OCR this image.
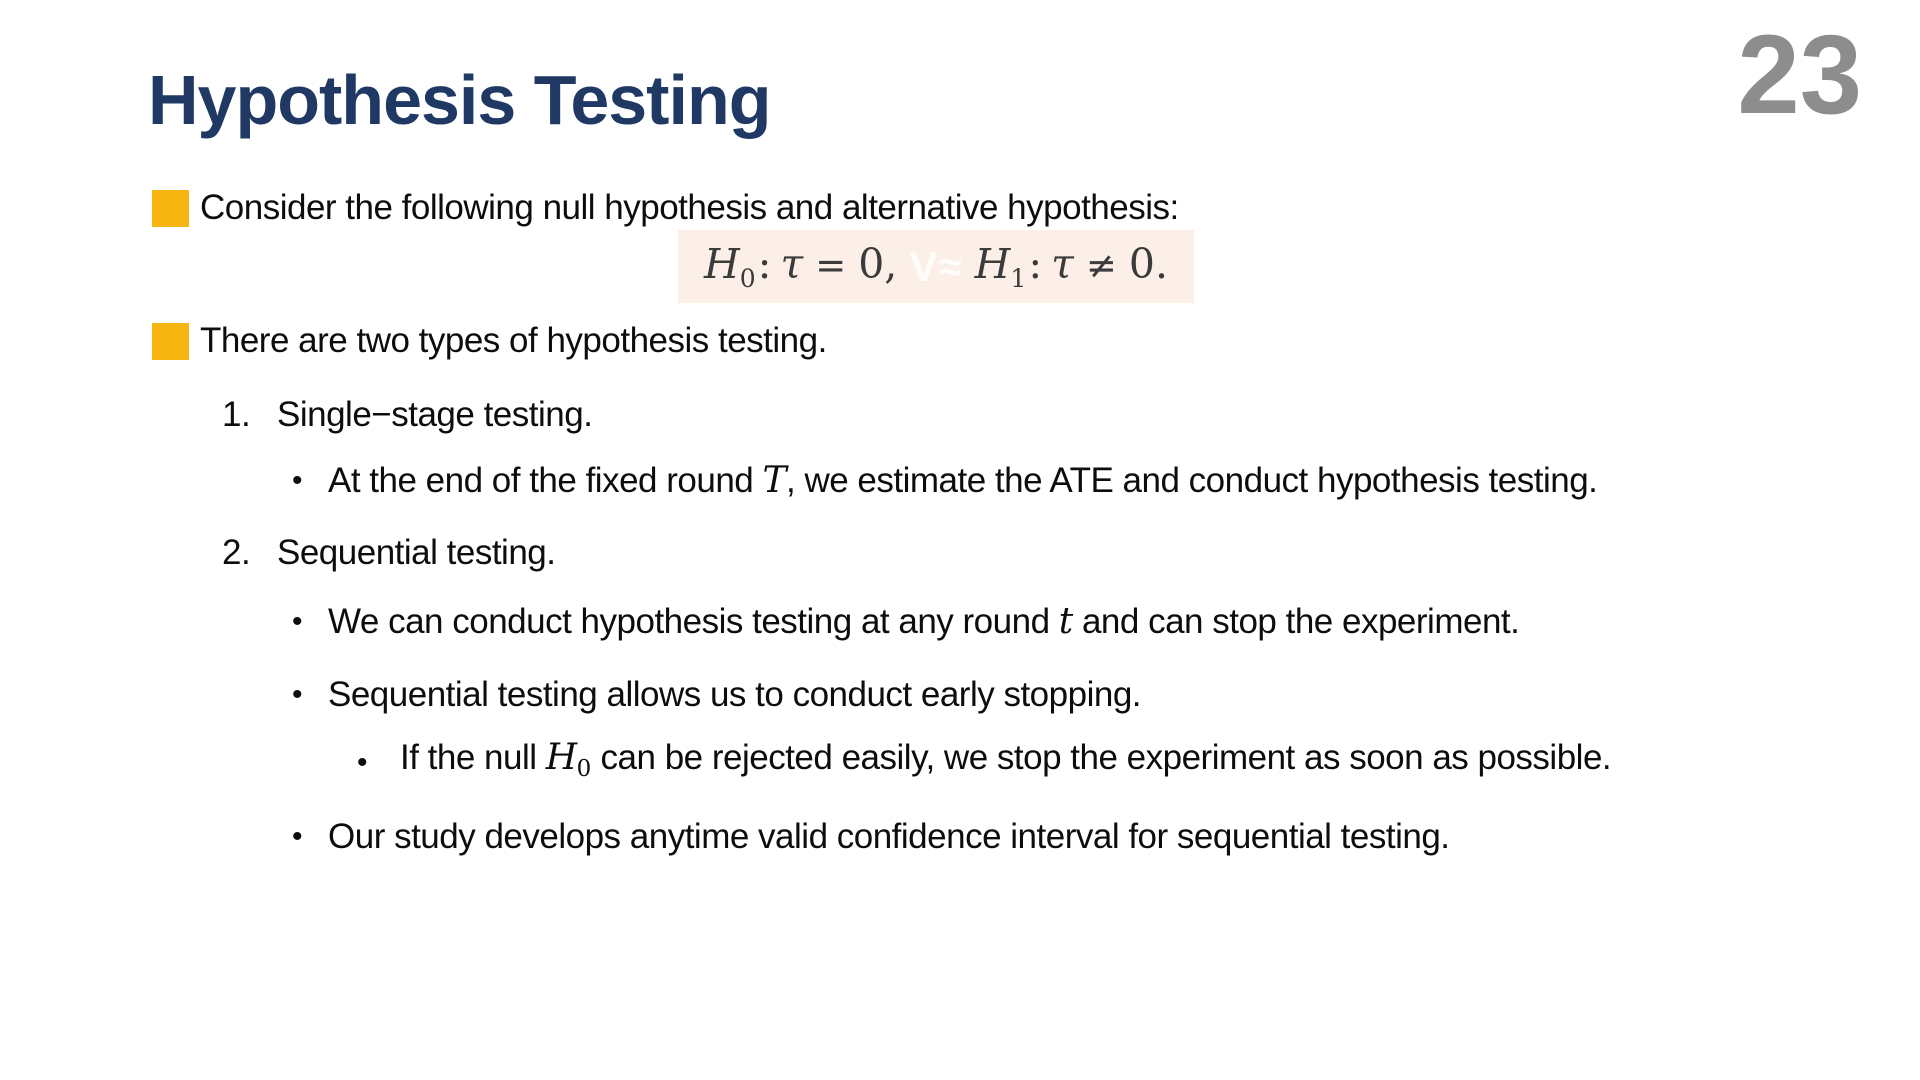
Hypothesis Testing	23
Consider the following null hypothesis and alternative hypothesis:
$H_0$: τ = 0, $V\approx H_1$: τ ≠ 0.
There are two types of hypothesis testing.
1. Single−stage testing.
• At the end of the fixed round T, we estimate the ATE and conduct hypothesis testing.
2. Sequential testing.
• We can conduct hypothesis testing at any round t and can stop the experiment.
• Sequential testing allows us to conduct early stopping.
• If the null $H_0$ can be rejected easily, we stop the experiment as soon as possible.
• Our study develops anytime valid confidence interval for sequential testing.
